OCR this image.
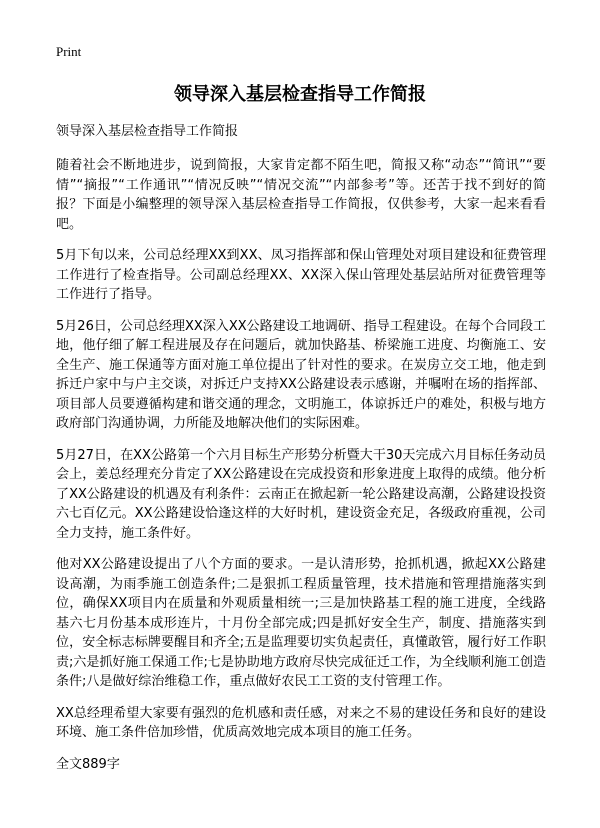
Print
领导深入基层检查指导工作简报

领导深入基层检查指导工作简报

随着社会不断地进步，说到简报，大家肯定都不陌生吧，简报又称“动态”“简讯”“要情”“摘报”“工作通讯”“情况反映”“情况交流”“内部参考”等。还苦于找不到好的简报？下面是小编整理的领导深入基层检查指导工作简报，仅供参考，大家一起来看看吧。

5月下旬以来，公司总经理XX到XX、凤习指挥部和保山管理处对项目建设和征费管理工作进行了检查指导。公司副总经理XX、XX深入保山管理处基层站所对征费管理等工作进行了指导。

5月26日，公司总经理XX深入XX公路建设工地调研、指导工程建设。在每个合同段工地，他仔细了解工程进展及存在问题后，就加快路基、桥梁施工进度、均衡施工、安全生产、施工保通等方面对施工单位提出了针对性的要求。在炭房立交工地，他走到拆迁户家中与户主交谈，对拆迁户支持XX公路建设表示感谢，并嘱咐在场的指挥部、项目部人员要遵循构建和谐交通的理念，文明施工，体谅拆迁户的难处，积极与地方政府部门沟通协调，力所能及地解决他们的实际困难。

5月27日，在XX公路第一个六月目标生产形势分析暨大干30天完成六月目标任务动员会上，姜总经理充分肯定了XX公路建设在完成投资和形象进度上取得的成绩。他分析了XX公路建设的机遇及有利条件：云南正在掀起新一轮公路建设高潮，公路建设投资六七百亿元。XX公路建设恰逢这样的大好时机，建设资金充足，各级政府重视，公司全力支持，施工条件好。

他对XX公路建设提出了八个方面的要求。一是认清形势，抢抓机遇，掀起XX公路建设高潮，为雨季施工创造条件;二是狠抓工程质量管理，技术措施和管理措施落实到位，确保XX项目内在质量和外观质量相统一;三是加快路基工程的施工进度，全线路基六七月份基本成形连片，十月份全部完成;四是抓好安全生产，制度、措施落实到位，安全标志标牌要醒目和齐全;五是监理要切实负起责任，真懂敢管，履行好工作职责;六是抓好施工保通工作;七是协助地方政府尽快完成征迁工作，为全线顺利施工创造条件;八是做好综治维稳工作，重点做好农民工工资的支付管理工作。

XX总经理希望大家要有强烈的危机感和责任感，对来之不易的建设任务和良好的建设环境、施工条件倍加珍惜，优质高效地完成本项目的施工任务。

全文889字
